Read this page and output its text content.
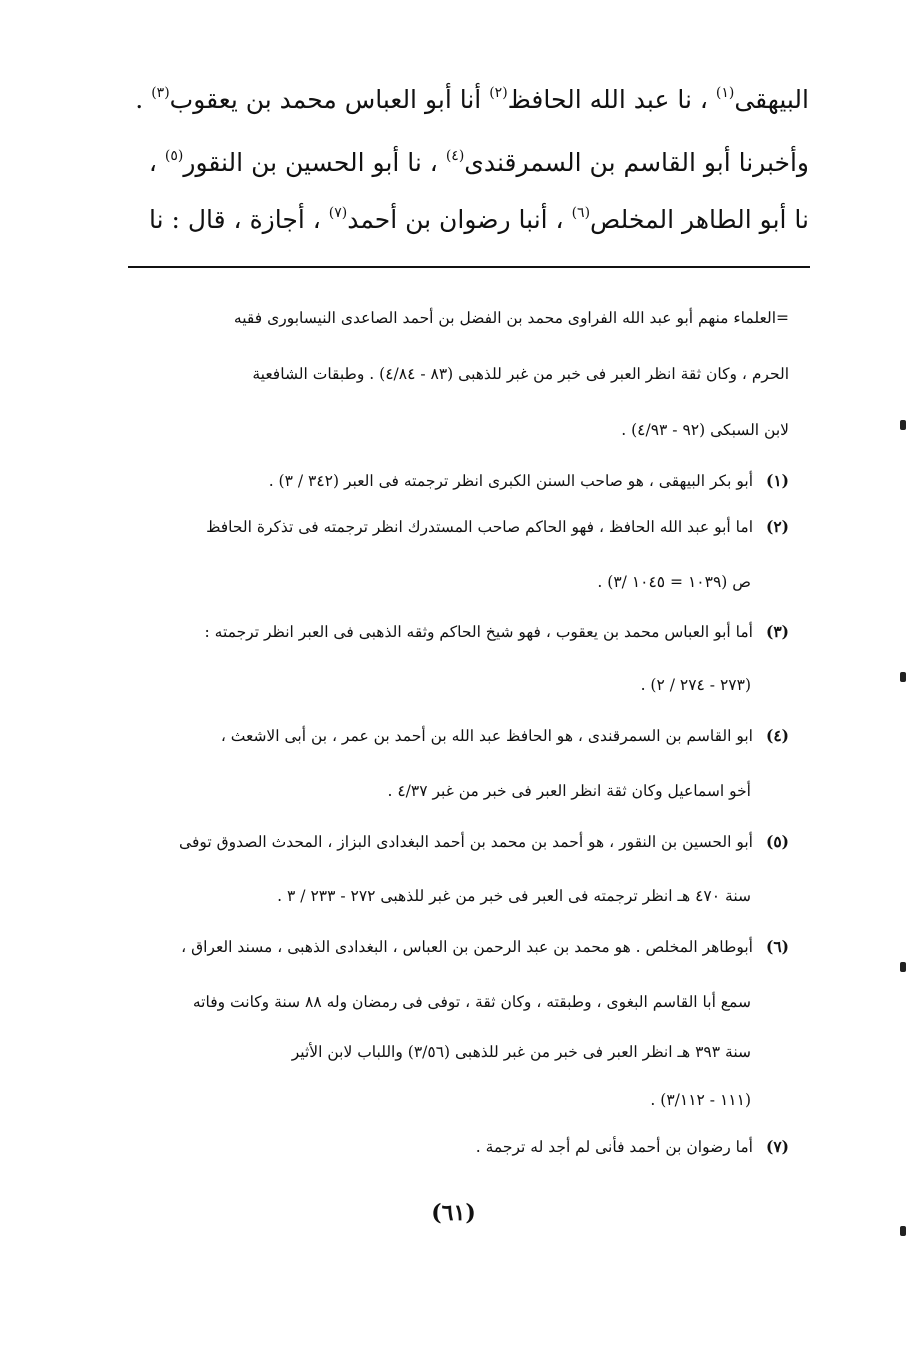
البيهقى$^{(١)}$ ، نا عبد الله الحافظ$^{(٢)}$ أنا أبو العباس محمد بن يعقوب$^{(٣)}$ .
وأخبرنا أبو القاسم بن السمرقندى$^{(٤)}$ ، نا أبو الحسين بن النقور$^{(٥)}$ ،
نا أبو الطاهر المخلص$^{(٦)}$ ، أنبا رضوان بن أحمد$^{(٧)}$ ، أجازة ، قال : نا
=العلماء منهم أبو عبد الله الفراوى محمد بن الفضل بن أحمد الصاعدى النيسابورى فقيه
الحرم ، وكان ثقة انظر العبر فى خبر من غبر للذهبى (٨٣ - ٤/٨٤) . وطبقات الشافعية
لابن السبكى (٩٢ - ٤/٩٣) .
(١)أبو بكر البيهقى ، هو صاحب السنن الكبرى انظر ترجمته فى العبر (٣٤٢ / ٣) .
(٢)اما أبو عبد الله الحافظ ، فهو الحاكم صاحب المستدرك انظر ترجمته فى تذكرة الحافظ
ص (١٠٣٩ = ١٠٤٥ /٣) .
(٣)أما أبو العباس محمد بن يعقوب ، فهو شيخ الحاكم وثقه الذهبى فى العبر انظر ترجمته :
(٢٧٣ - ٢٧٤ / ٢) .
(٤)ابو القاسم بن السمرقندى ، هو الحافظ عبد الله بن أحمد بن عمر ، بن أبى الاشعث ،
أخو اسماعيل وكان ثقة انظر العبر فى خبر من غبر ٤/٣٧ .
(٥)أبو الحسين بن النقور ، هو أحمد بن محمد بن أحمد البغدادى البزاز ، المحدث الصدوق توفى
سنة ٤٧٠ هـ انظر ترجمته فى العبر فى خبر من غبر للذهبى ٢٧٢ - ٢٣٣ / ٣ .
(٦)أبوطاهر المخلص . هو محمد بن عبد الرحمن بن العباس ، البغدادى الذهبى ، مسند العراق ،
سمع أبا القاسم البغوى ، وطبقته ، وكان ثقة ، توفى فى رمضان وله ٨٨ سنة وكانت وفاته
سنة ٣٩٣ هـ انظر العبر فى خبر من غبر للذهبى (٣/٥٦) واللباب لابن الأثير
(١١١ - ٣/١١٢) .
(٧)أما رضوان بن أحمد فأنى لم أجد له ترجمة .
(٦١)
